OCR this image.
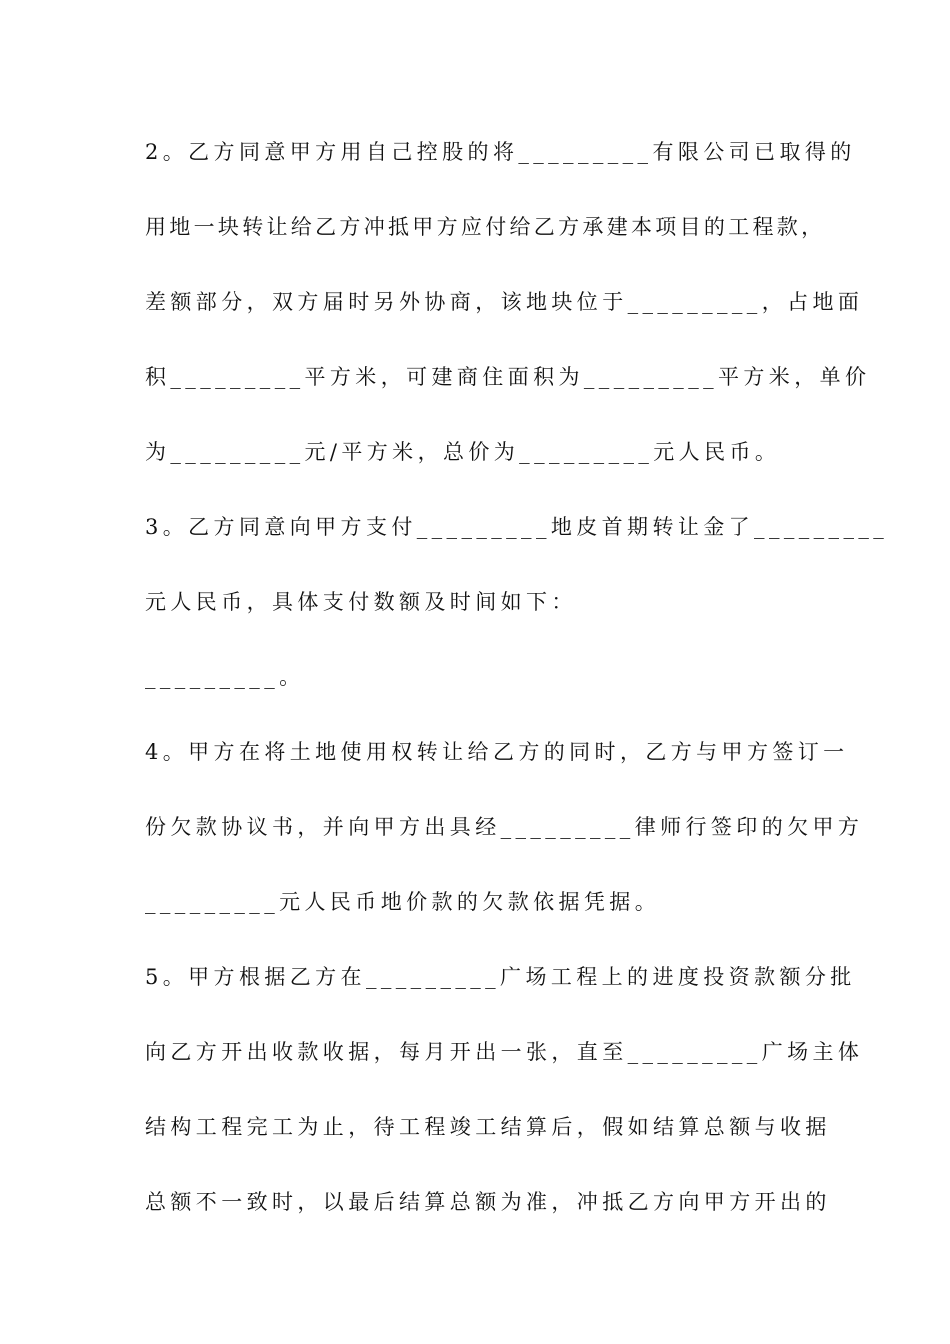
2。乙方同意甲方用自己控股的将_________有限公司已取得的
用地一块转让给乙方冲抵甲方应付给乙方承建本项目的工程款，
差额部分，双方届时另外协商，该地块位于_________，占地面
积_________平方米，可建商住面积为_________平方米，单价
为_________元/平方米，总价为_________元人民币。
3。乙方同意向甲方支付_________地皮首期转让金了_________
元人民币，具体支付数额及时间如下：
_________。
4。甲方在将土地使用权转让给乙方的同时，乙方与甲方签订一
份欠款协议书，并向甲方出具经_________律师行签印的欠甲方
_________元人民币地价款的欠款依据凭据。
5。甲方根据乙方在_________广场工程上的进度投资款额分批
向乙方开出收款收据，每月开出一张，直至_________广场主体
结构工程完工为止，待工程竣工结算后，假如结算总额与收据
总额不一致时，以最后结算总额为准，冲抵乙方向甲方开出的
